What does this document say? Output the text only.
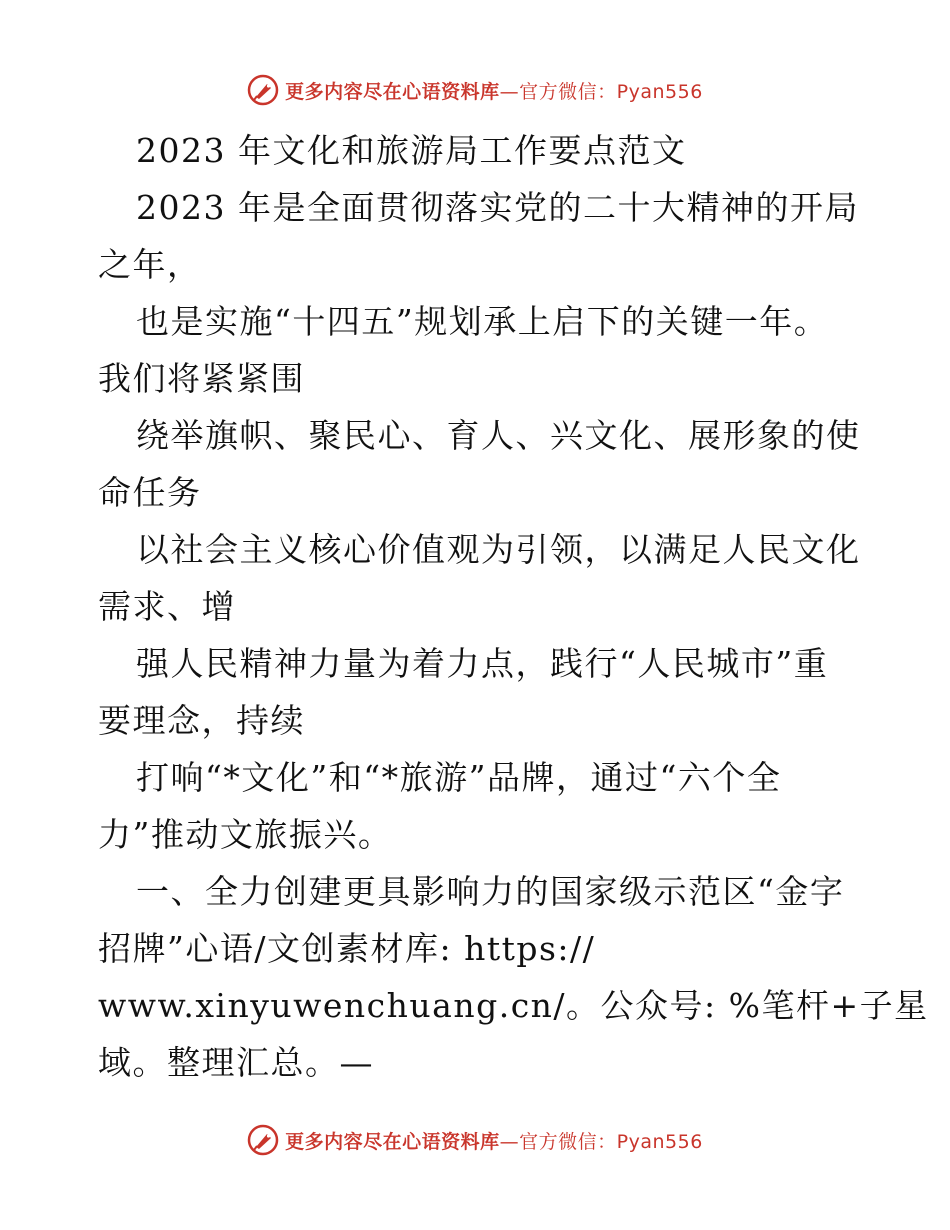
更多内容尽在心语资料库—官方微信：Pyan556
2023 年文化和旅游局工作要点范文
2023 年是全面贯彻落实党的二十大精神的开局
之年，
也是实施“十四五”规划承上启下的关键一年。
我们将紧紧围
绕举旗帜、聚民心、育人、兴文化、展形象的使
命任务
以社会主义核心价值观为引领，以满足人民文化
需求、增
强人民精神力量为着力点，践行“人民城市”重
要理念，持续
打响“*文化”和“*旅游”品牌，通过“六个全
力”推动文旅振兴。
一、全力创建更具影响力的国家级示范区“金字
招牌”心语/文创素材库: https://
www.xinyuwenchuang.cn/。公众号: %笔杆+子星
域。整理汇总。—
更多内容尽在心语资料库—官方微信：Pyan556
